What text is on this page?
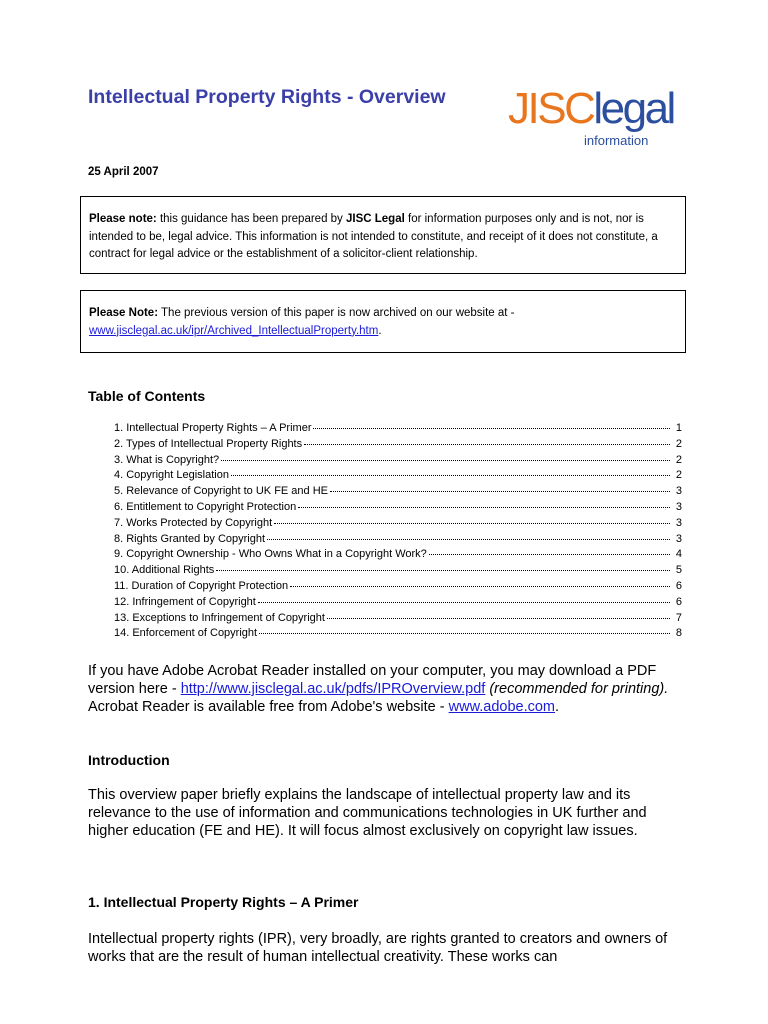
Intellectual Property Rights - Overview JISClegal
information
25 April 2007
Please note: this guidance has been prepared by JISC Legal for information purposes only and is not, nor is intended to be, legal advice. This information is not intended to constitute, and receipt of it does not constitute, a contract for legal advice or the establishment of a solicitor-client relationship.
Please Note: The previous version of this paper is now archived on our website at - www.jisclegal.ac.uk/ipr/Archived_IntellectualProperty.htm.
Table of Contents
1. Intellectual Property Rights – A Primer	1
2. Types of Intellectual Property Rights	2
3. What is Copyright?	2
4. Copyright Legislation	2
5. Relevance of Copyright to UK FE and HE	3
6. Entitlement to Copyright Protection	3
7. Works Protected by Copyright	3
8. Rights Granted by Copyright	3
9. Copyright Ownership - Who Owns What in a Copyright Work?	4
10. Additional Rights	5
11. Duration of Copyright Protection	6
12. Infringement of Copyright	6
13. Exceptions to Infringement of Copyright	7
14. Enforcement of Copyright	8
If you have Adobe Acrobat Reader installed on your computer, you may download a PDF version here - http://www.jisclegal.ac.uk/pdfs/IPROverview.pdf (recommended for printing). Acrobat Reader is available free from Adobe's website - www.adobe.com.
Introduction
This overview paper briefly explains the landscape of intellectual property law and its relevance to the use of information and communications technologies in UK further and higher education (FE and HE). It will focus almost exclusively on copyright law issues.
1. Intellectual Property Rights – A Primer
Intellectual property rights (IPR), very broadly, are rights granted to creators and owners of works that are the result of human intellectual creativity. These works can
